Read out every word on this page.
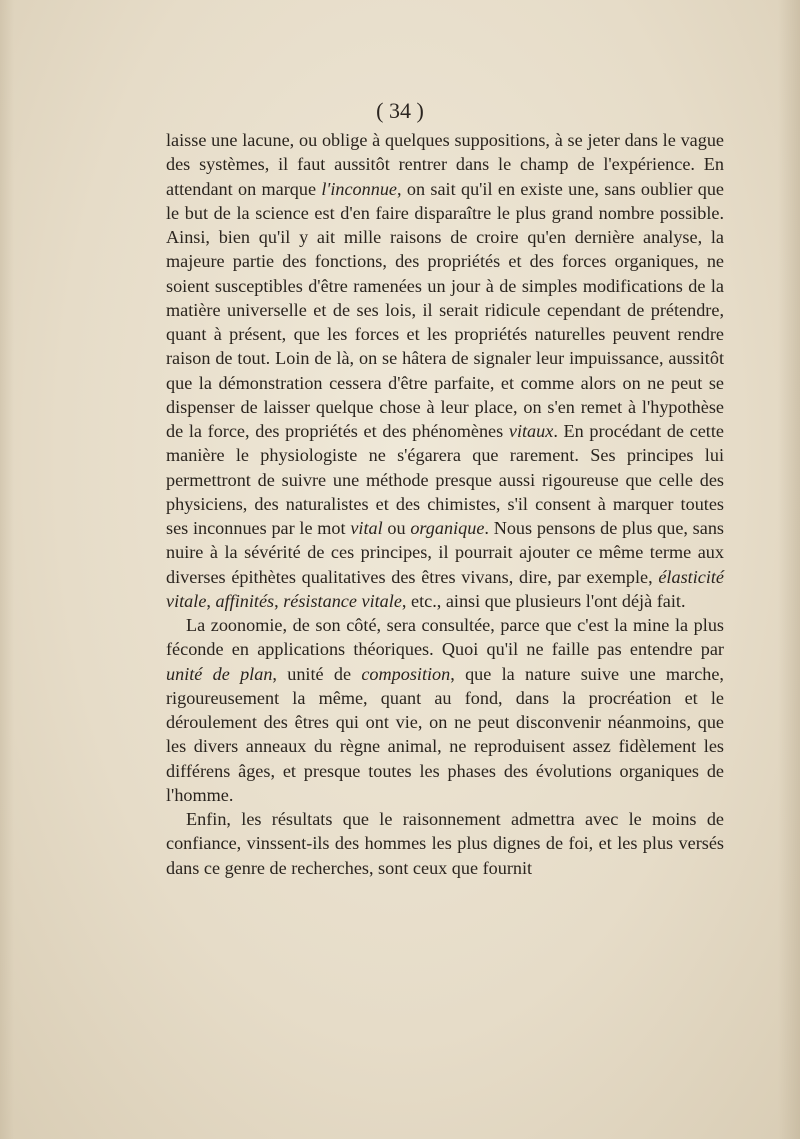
( 34 )

laisse une lacune, ou oblige à quelques suppositions, à se jeter dans le vague des systèmes, il faut aussitôt rentrer dans le champ de l'expérience. En attendant on marque l'inconnue, on sait qu'il en existe une, sans oublier que le but de la science est d'en faire disparaître le plus grand nombre possible. Ainsi, bien qu'il y ait mille raisons de croire qu'en dernière analyse, la majeure partie des fonctions, des propriétés et des forces organiques, ne soient susceptibles d'être ramenées un jour à de simples modifications de la matière universelle et de ses lois, il serait ridicule cependant de prétendre, quant à présent, que les forces et les propriétés naturelles peuvent rendre raison de tout. Loin de là, on se hâtera de signaler leur impuissance, aussitôt que la démonstration cessera d'être parfaite, et comme alors on ne peut se dispenser de laisser quelque chose à leur place, on s'en remet à l'hypothèse de la force, des propriétés et des phénomènes vitaux. En procédant de cette manière le physiologiste ne s'égarera que rarement. Ses principes lui permettront de suivre une méthode presque aussi rigoureuse que celle des physiciens, des naturalistes et des chimistes, s'il consent à marquer toutes ses inconnues par le mot vital ou organique. Nous pensons de plus que, sans nuire à la sévérité de ces principes, il pourrait ajouter ce même terme aux diverses épithètes qualitatives des êtres vivans, dire, par exemple, élasticité vitale, affinités, résistance vitale, etc., ainsi que plusieurs l'ont déjà fait.

La zoonomie, de son côté, sera consultée, parce que c'est la mine la plus féconde en applications théoriques. Quoi qu'il ne faille pas entendre par unité de plan, unité de composition, que la nature suive une marche, rigoureusement la même, quant au fond, dans la procréation et le déroulement des êtres qui ont vie, on ne peut disconvenir néanmoins, que les divers anneaux du règne animal, ne reproduisent assez fidèlement les différens âges, et presque toutes les phases des évolutions organiques de l'homme.

Enfin, les résultats que le raisonnement admettra avec le moins de confiance, vinssent-ils des hommes les plus dignes de foi, et les plus versés dans ce genre de recherches, sont ceux que fournit
